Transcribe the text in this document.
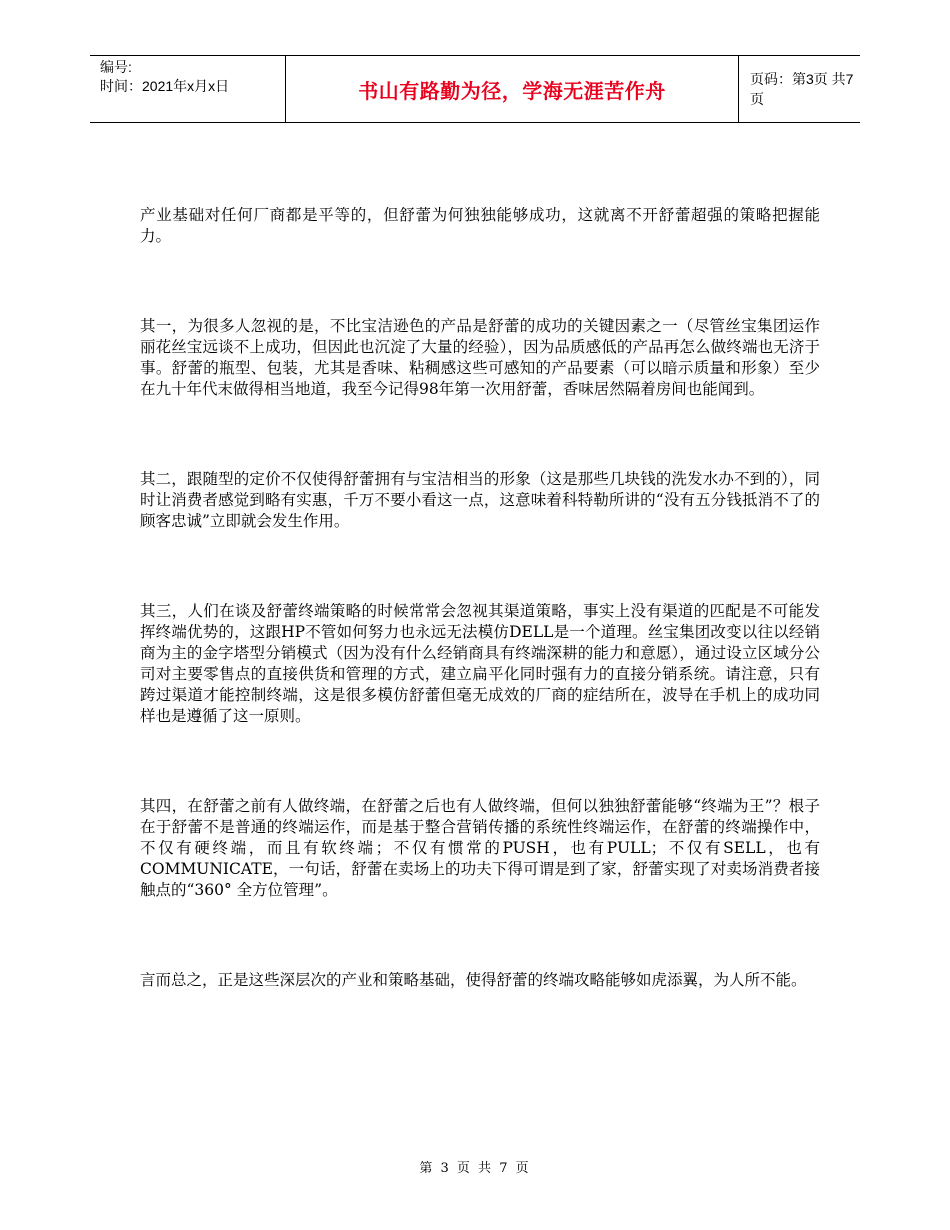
编号:
时间：2021年x月x日	书山有路勤为径，学海无涯苦作舟	页码：第3页 共7页

产业基础对任何厂商都是平等的，但舒蕾为何独独能够成功，这就离不开舒蕾超强的策略把握能力。

其一，为很多人忽视的是，不比宝洁逊色的产品是舒蕾的成功的关键因素之一（尽管丝宝集团运作丽花丝宝远谈不上成功，但因此也沉淀了大量的经验），因为品质感低的产品再怎么做终端也无济于事。舒蕾的瓶型、包装，尤其是香味、粘稠感这些可感知的产品要素（可以暗示质量和形象）至少在九十年代末做得相当地道，我至今记得98年第一次用舒蕾，香味居然隔着房间也能闻到。

其二，跟随型的定价不仅使得舒蕾拥有与宝洁相当的形象（这是那些几块钱的洗发水办不到的），同时让消费者感觉到略有实惠，千万不要小看这一点，这意味着科特勒所讲的“没有五分钱抵消不了的顾客忠诚”立即就会发生作用。

其三，人们在谈及舒蕾终端策略的时候常常会忽视其渠道策略，事实上没有渠道的匹配是不可能发挥终端优势的，这跟HP不管如何努力也永远无法模仿DELL是一个道理。丝宝集团改变以往以经销商为主的金字塔型分销模式（因为没有什么经销商具有终端深耕的能力和意愿），通过设立区域分公司对主要零售点的直接供货和管理的方式，建立扁平化同时强有力的直接分销系统。请注意，只有跨过渠道才能控制终端，这是很多模仿舒蕾但毫无成效的厂商的症结所在，波导在手机上的成功同样也是遵循了这一原则。

其四，在舒蕾之前有人做终端，在舒蕾之后也有人做终端，但何以独独舒蕾能够“终端为王”？根子在于舒蕾不是普通的终端运作，而是基于整合营销传播的系统性终端运作，在舒蕾的终端操作中，不仅有硬终端，而且有软终端；不仅有惯常的PUSH，也有PULL；不仅有SELL，也有COMMUNICATE，一句话，舒蕾在卖场上的功夫下得可谓是到了家，舒蕾实现了对卖场消费者接触点的“360° 全方位管理”。

言而总之，正是这些深层次的产业和策略基础，使得舒蕾的终端攻略能够如虎添翼，为人所不能。

第 3 页 共 7 页
